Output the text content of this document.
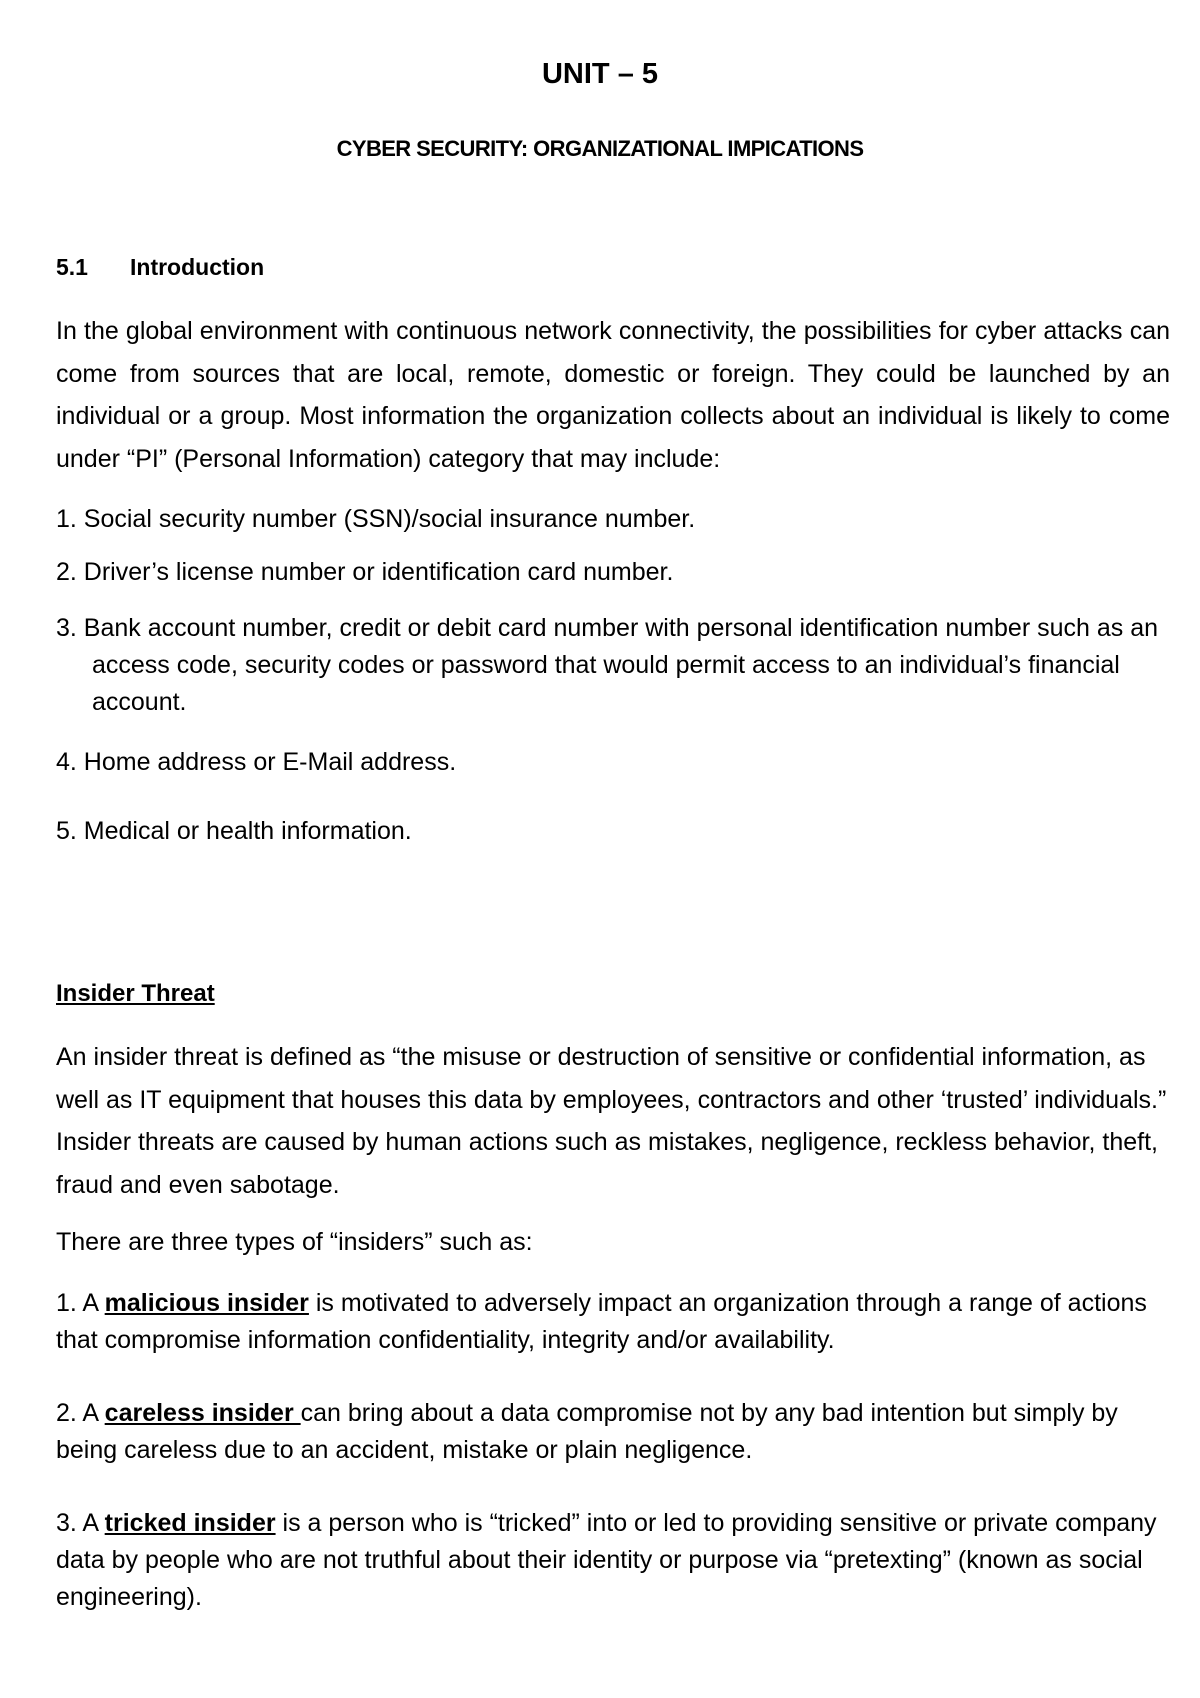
UNIT – 5
CYBER SECURITY: ORGANIZATIONAL IMPICATIONS
5.1 Introduction

In the global environment with continuous network connectivity, the possibilities for cyber attacks can come from sources that are local, remote, domestic or foreign. They could be launched by an individual or a group. Most information the organization collects about an individual is likely to come under “PI” (Personal Information) category that may include:

1. Social security number (SSN)/social insurance number.

2. Driver’s license number or identification card number.

3. Bank account number, credit or debit card number with personal identification number such as an access code, security codes or password that would permit access to an individual’s financial account.

4. Home address or E-Mail address.

5. Medical or health information.

Insider Threat

An insider threat is defined as “the misuse or destruction of sensitive or confidential information, as well as IT equipment that houses this data by employees, contractors and other ‘trusted’ individuals.” Insider threats are caused by human actions such as mistakes, negligence, reckless behavior, theft, fraud and even sabotage.

There are three types of “insiders” such as:

1. A malicious insider is motivated to adversely impact an organization through a range of actions that compromise information confidentiality, integrity and/or availability.

2. A careless insider can bring about a data compromise not by any bad intention but simply by being careless due to an accident, mistake or plain negligence.

3. A tricked insider is a person who is “tricked” into or led to providing sensitive or private company data by people who are not truthful about their identity or purpose via “pretexting” (known as social engineering).
